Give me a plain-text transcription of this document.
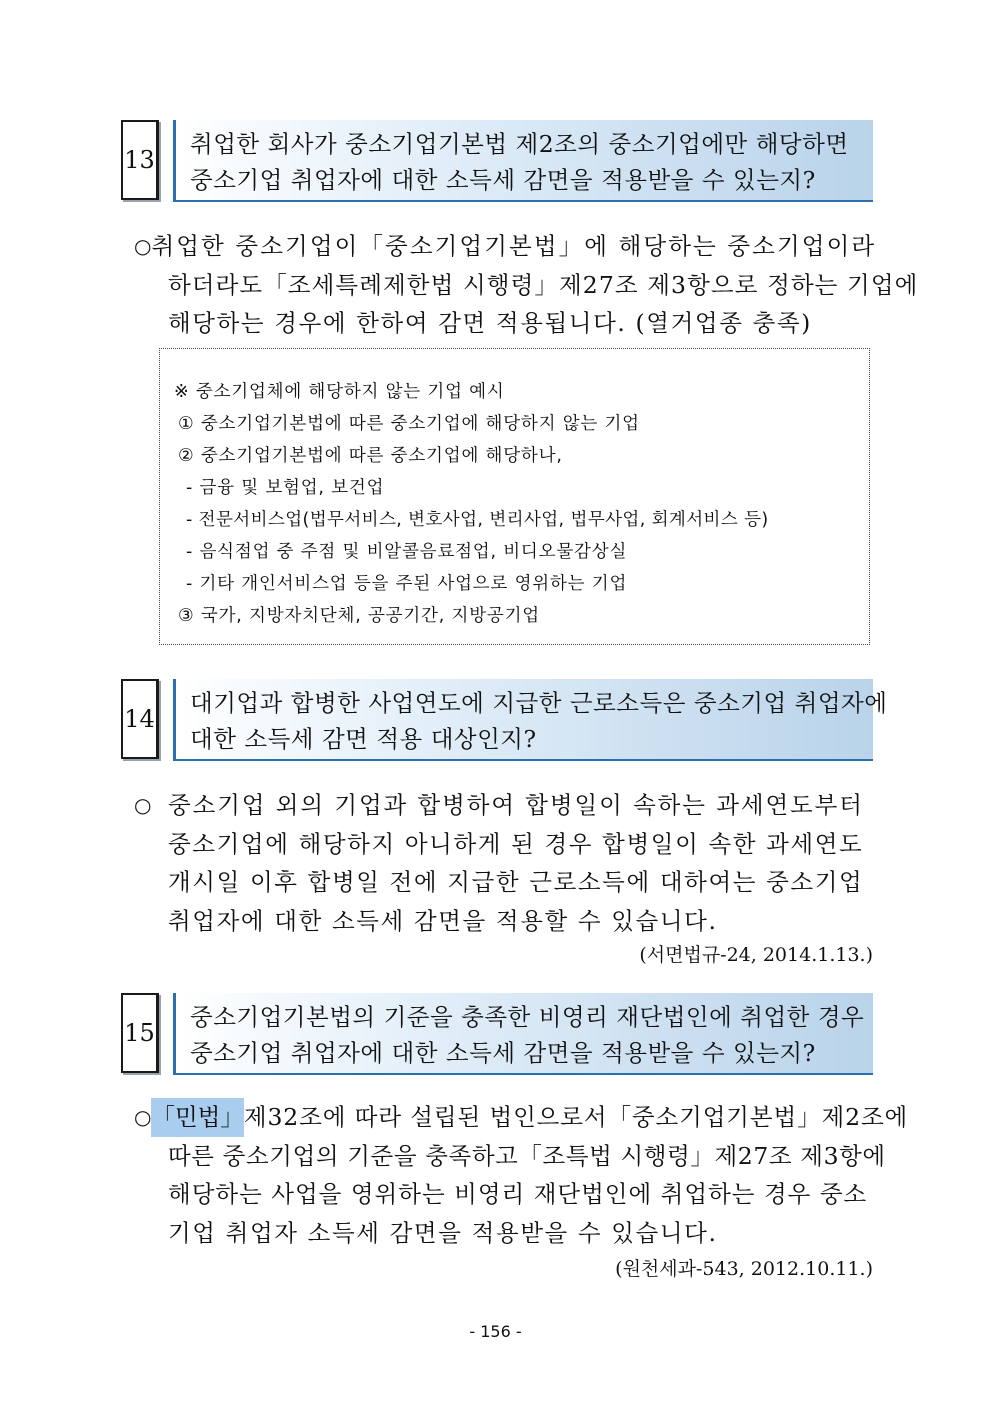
13
취업한 회사가 중소기업기본법 제2조의 중소기업에만 해당하면
중소기업 취업자에 대한 소득세 감면을 적용받을 수 있는지?
○ 취업한 중소기업이「중소기업기본법」에 해당하는 중소기업이라
하더라도「조세특례제한법 시행령」제27조 제3항으로 정하는 기업에
해당하는 경우에 한하여 감면 적용됩니다. (열거업종 충족)
※ 중소기업체에 해당하지 않는 기업 예시
① 중소기업기본법에 따른 중소기업에 해당하지 않는 기업
② 중소기업기본법에 따른 중소기업에 해당하나,
- 금융 및 보험업, 보건업
- 전문서비스업(법무서비스, 변호사업, 변리사업, 법무사업, 회계서비스 등)
- 음식점업 중 주점 및 비알콜음료점업, 비디오물감상실
- 기타 개인서비스업 등을 주된 사업으로 영위하는 기업
③ 국가, 지방자치단체, 공공기간, 지방공기업
14
대기업과 합병한 사업연도에 지급한 근로소득은 중소기업 취업자에
대한 소득세 감면 적용 대상인지?
○ 중소기업 외의 기업과 합병하여 합병일이 속하는 과세연도부터
중소기업에 해당하지 아니하게 된 경우 합병일이 속한 과세연도
개시일 이후 합병일 전에 지급한 근로소득에 대하여는 중소기업
취업자에 대한 소득세 감면을 적용할 수 있습니다.
(서면법규-24, 2014.1.13.)
15
중소기업기본법의 기준을 충족한 비영리 재단법인에 취업한 경우
중소기업 취업자에 대한 소득세 감면을 적용받을 수 있는지?
○ 「민법」 제32조에 따라 설립된 법인으로서「중소기업기본법」제2조에
따른 중소기업의 기준을 충족하고「조특법 시행령」제27조 제3항에
해당하는 사업을 영위하는 비영리 재단법인에 취업하는 경우 중소
기업 취업자 소득세 감면을 적용받을 수 있습니다.
(원천세과-543, 2012.10.11.)
- 156 -
